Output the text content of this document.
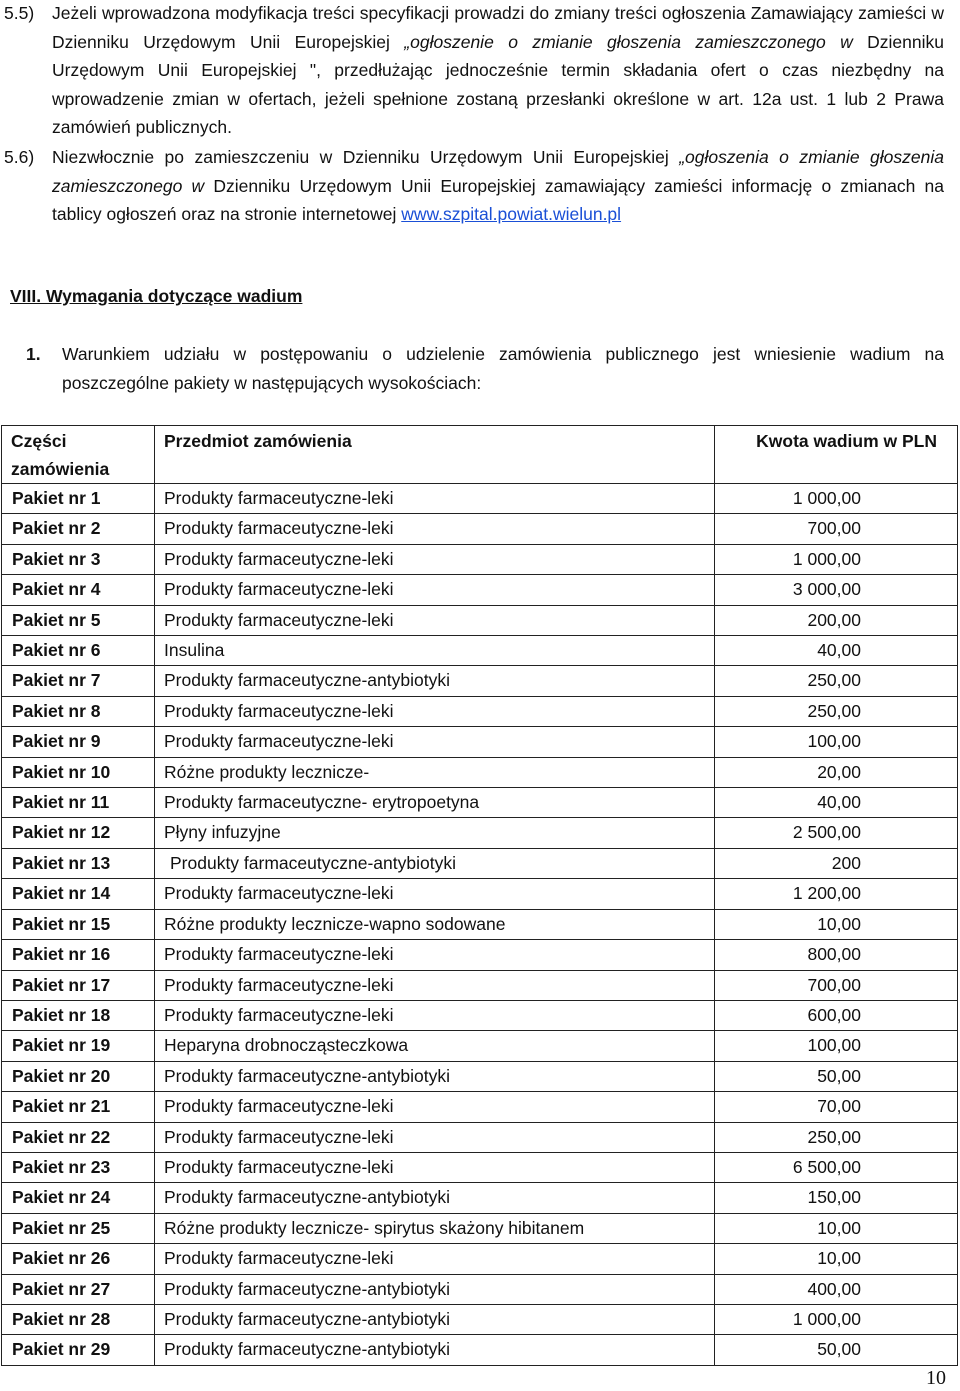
5.5) Jeżeli wprowadzona modyfikacja treści specyfikacji prowadzi do zmiany treści ogłoszenia Zamawiający zamieści w Dzienniku Urzędowym Unii Europejskiej „ogłoszenie o zmianie głoszenia zamieszczonego w Dzienniku Urzędowym Unii Europejskiej ", przedłużając jednocześnie termin składania ofert o czas niezbędny na wprowadzenie zmian w ofertach, jeżeli spełnione zostaną przesłanki określone w art. 12a ust. 1 lub 2 Prawa zamówień publicznych.

5.6) Niezwłocznie po zamieszczeniu w Dzienniku Urzędowym Unii Europejskiej „ogłoszenia o zmianie głoszenia zamieszczonego w Dzienniku Urzędowym Unii Europejskiej zamawiający zamieści informację o zmianach na tablicy ogłoszeń oraz na stronie internetowej www.szpital.powiat.wielun.pl

VIII. Wymagania dotyczące wadium

1. Warunkiem udziału w postępowaniu o udzielenie zamówienia publicznego jest wniesienie wadium na poszczególne pakiety w następujących wysokościach:

Części zamówienia	Przedmiot zamówienia	Kwota wadium w PLN
Pakiet nr 1	Produkty farmaceutyczne-leki	1 000,00
Pakiet nr 2	Produkty farmaceutyczne-leki	700,00
Pakiet nr 3	Produkty farmaceutyczne-leki	1 000,00
Pakiet nr 4	Produkty farmaceutyczne-leki	3 000,00
Pakiet nr 5	Produkty farmaceutyczne-leki	200,00
Pakiet nr 6	Insulina	40,00
Pakiet nr 7	Produkty farmaceutyczne-antybiotyki	250,00
Pakiet nr 8	Produkty farmaceutyczne-leki	250,00
Pakiet nr 9	Produkty farmaceutyczne-leki	100,00
Pakiet nr 10	Różne produkty lecznicze-	20,00
Pakiet nr 11	Produkty farmaceutyczne- erytropoetyna	40,00
Pakiet nr 12	Płyny infuzyjne	2 500,00
Pakiet nr 13	Produkty farmaceutyczne-antybiotyki	200
Pakiet nr 14	Produkty farmaceutyczne-leki	1 200,00
Pakiet nr 15	Różne produkty lecznicze-wapno sodowane	10,00
Pakiet nr 16	Produkty farmaceutyczne-leki	800,00
Pakiet nr 17	Produkty farmaceutyczne-leki	700,00
Pakiet nr 18	Produkty farmaceutyczne-leki	600,00
Pakiet nr 19	Heparyna drobnocząsteczkowa	100,00
Pakiet nr 20	Produkty farmaceutyczne-antybiotyki	50,00
Pakiet nr 21	Produkty farmaceutyczne-leki	70,00
Pakiet nr 22	Produkty farmaceutyczne-leki	250,00
Pakiet nr 23	Produkty farmaceutyczne-leki	6 500,00
Pakiet nr 24	Produkty farmaceutyczne-antybiotyki	150,00
Pakiet nr 25	Różne produkty lecznicze- spirytus skażony hibitanem	10,00
Pakiet nr 26	Produkty farmaceutyczne-leki	10,00
Pakiet nr 27	Produkty farmaceutyczne-antybiotyki	400,00
Pakiet nr 28	Produkty farmaceutyczne-antybiotyki	1 000,00
Pakiet nr 29	Produkty farmaceutyczne-antybiotyki	50,00
10
